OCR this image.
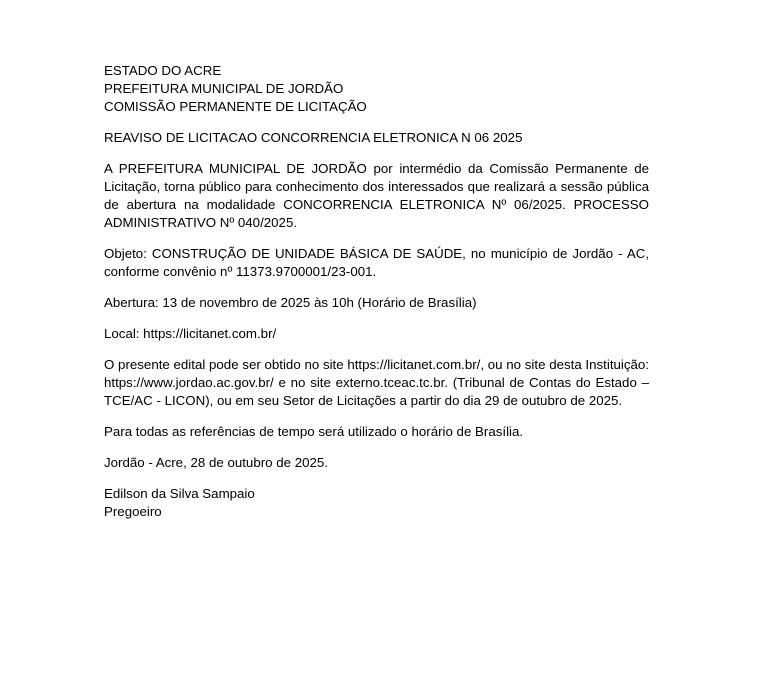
ESTADO DO ACRE
PREFEITURA MUNICIPAL DE JORDÃO
COMISSÃO PERMANENTE DE LICITAÇÃO
REAVISO DE LICITACAO CONCORRENCIA ELETRONICA N 06 2025
A PREFEITURA MUNICIPAL DE JORDÃO por intermédio da Comissão Permanente de Licitação, torna público para conhecimento dos interessados que realizará a sessão pública de abertura na modalidade CONCORRENCIA ELETRONICA Nº 06/2025. PROCESSO ADMINISTRATIVO Nº 040/2025.
Objeto: CONSTRUÇÃO DE UNIDADE BÁSICA DE SAÚDE, no município de Jordão - AC, conforme convênio nº 11373.9700001/23-001.
Abertura: 13 de novembro de 2025 às 10h (Horário de Brasília)
Local: https://licitanet.com.br/
O presente edital pode ser obtido no site https://licitanet.com.br/, ou no site desta Instituição: https://www.jordao.ac.gov.br/ e no site externo.tceac.tc.br. (Tribunal de Contas do Estado – TCE/AC - LICON), ou em seu Setor de Licitações a partir do dia 29 de outubro de 2025.
Para todas as referências de tempo será utilizado o horário de Brasília.
Jordão - Acre, 28 de outubro de 2025.
Edilson da Silva Sampaio
Pregoeiro
